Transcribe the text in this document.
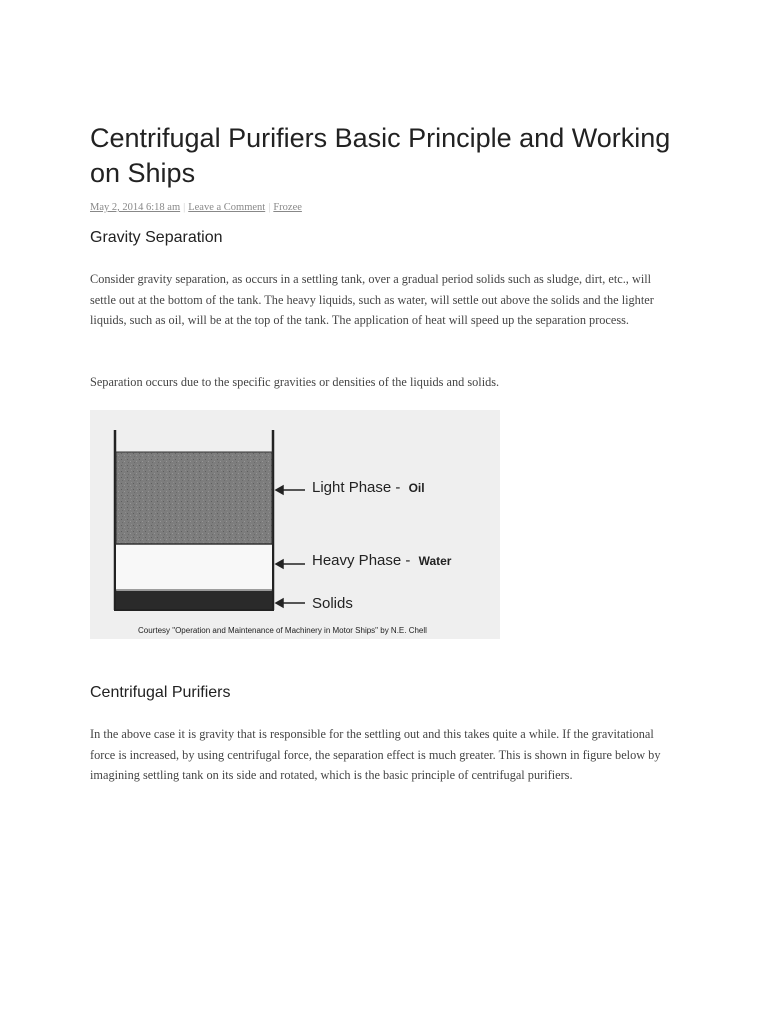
Centrifugal Purifiers Basic Principle and Working on Ships
May 2, 2014 6:18 am | Leave a Comment | Frozee
Gravity Separation

Consider gravity separation, as occurs in a settling tank, over a gradual period solids such as sludge, dirt, etc., will settle out at the bottom of the tank. The heavy liquids, such as water, will settle out above the solids and the lighter liquids, such as oil, will be at the top of the tank. The application of heat will speed up the separation process.

Separation occurs due to the specific gravities or densities of the liquids and solids.

Light Phase - Oil
Heavy Phase - Water
Solids
Courtesy "Operation and Maintenance of Machinery in Motor Ships" by N.E. Chell
Centrifugal Purifiers

In the above case it is gravity that is responsible for the settling out and this takes quite a while. If the gravitational force is increased, by using centrifugal force, the separation effect is much greater. This is shown in figure below by imagining settling tank on its side and rotated, which is the basic principle of centrifugal purifiers.
